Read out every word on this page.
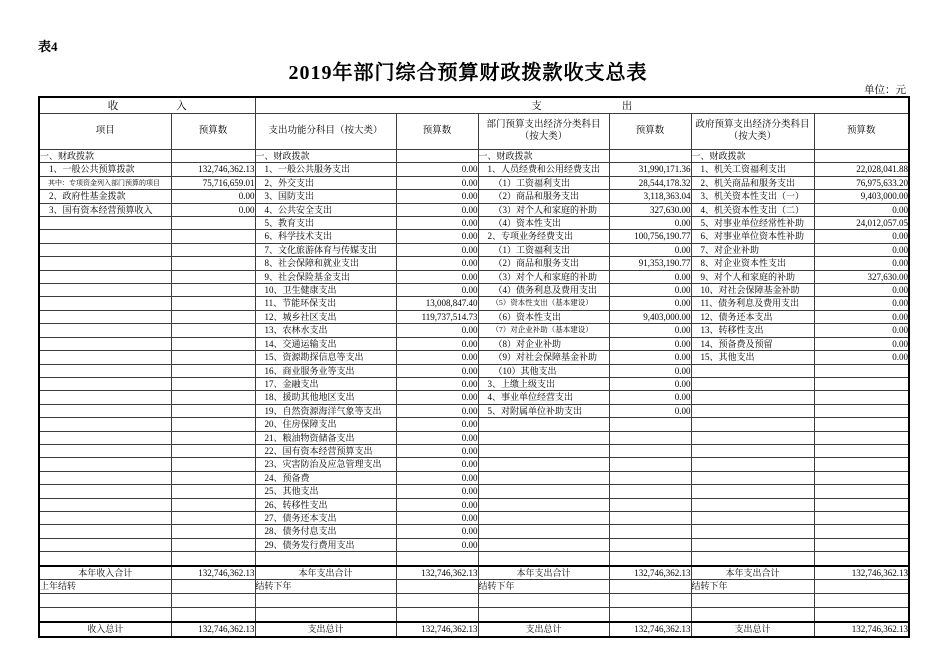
表4
2019年部门综合预算财政拨款收支总表
单位：元
收 入		支 出					

项目	预算数	支出功能分科目（按大类）	预算数	部门预算支出经济分类科目（按大类）	预算数	政府预算支出经济分类科目（按大类）	预算数
一、财政拨款		一、财政拨款		一、财政拨款		一、财政拨款	
1、一般公共预算拨款	132,746,362.13	1、一般公共服务支出	0.00	1、人员经费和公用经费支出	31,990,171.36	1、机关工资福利支出	22,028,041.88
其中：专项资金列入部门预算的项目	75,716,659.01	2、外交支出	0.00	（1）工资福利支出	28,544,178.32	2、机关商品和服务支出	76,975,633.20
2、政府性基金拨款	0.00	3、国防支出	0.00	（2）商品和服务支出	3,118,363.04	3、机关资本性支出（一）	9,403,000.00
3、国有资本经营预算收入	0.00	4、公共安全支出	0.00	（3）对个人和家庭的补助	327,630.00	4、机关资本性支出（二）	0.00
		5、教育支出	0.00	（4）资本性支出	0.00	5、对事业单位经常性补助	24,012,057.05
		6、科学技术支出	0.00	2、专项业务经费支出	100,756,190.77	6、对事业单位资本性补助	0.00
		7、文化旅游体育与传媒支出	0.00	（1）工资福利支出	0.00	7、对企业补助	0.00
		8、社会保障和就业支出	0.00	（2）商品和服务支出	91,353,190.77	8、对企业资本性支出	0.00
		9、社会保险基金支出	0.00	（3）对个人和家庭的补助	0.00	9、对个人和家庭的补助	327,630.00
		10、卫生健康支出	0.00	（4）债务利息及费用支出	0.00	10、对社会保障基金补助	0.00
		11、节能环保支出	13,008,847.40	（5）资本性支出（基本建设）	0.00	11、债务利息及费用支出	0.00
		12、城乡社区支出	119,737,514.73	（6）资本性支出	9,403,000.00	12、债务还本支出	0.00
		13、农林水支出	0.00	（7）对企业补助（基本建设）	0.00	13、转移性支出	0.00
		14、交通运输支出	0.00	（8）对企业补助	0.00	14、预备费及预留	0.00
		15、资源勘探信息等支出	0.00	（9）对社会保障基金补助	0.00	15、其他支出	0.00
		16、商业服务业等支出	0.00	（10）其他支出	0.00		
		17、金融支出	0.00	3、上缴上级支出	0.00		
		18、援助其他地区支出	0.00	4、事业单位经营支出	0.00		
		19、自然资源海洋气象等支出	0.00	5、对附属单位补助支出	0.00		
		20、住房保障支出	0.00				
		21、粮油物资储备支出	0.00				
		22、国有资本经营预算支出	0.00				
		23、灾害防治及应急管理支出	0.00				
		24、预备费	0.00				
		25、其他支出	0.00				
		26、转移性支出	0.00				
		27、债务还本支出	0.00				
		28、债务付息支出	0.00				
		29、债务发行费用支出	0.00				

本年收入合计	132,746,362.13	本年支出合计	132,746,362.13	本年支出合计	132,746,362.13	本年支出合计	132,746,362.13
上年结转		结转下年		结转下年		结转下年	

收入总计	132,746,362.13	支出总计	132,746,362.13	支出总计	132,746,362.13	支出总计	132,746,362.13
